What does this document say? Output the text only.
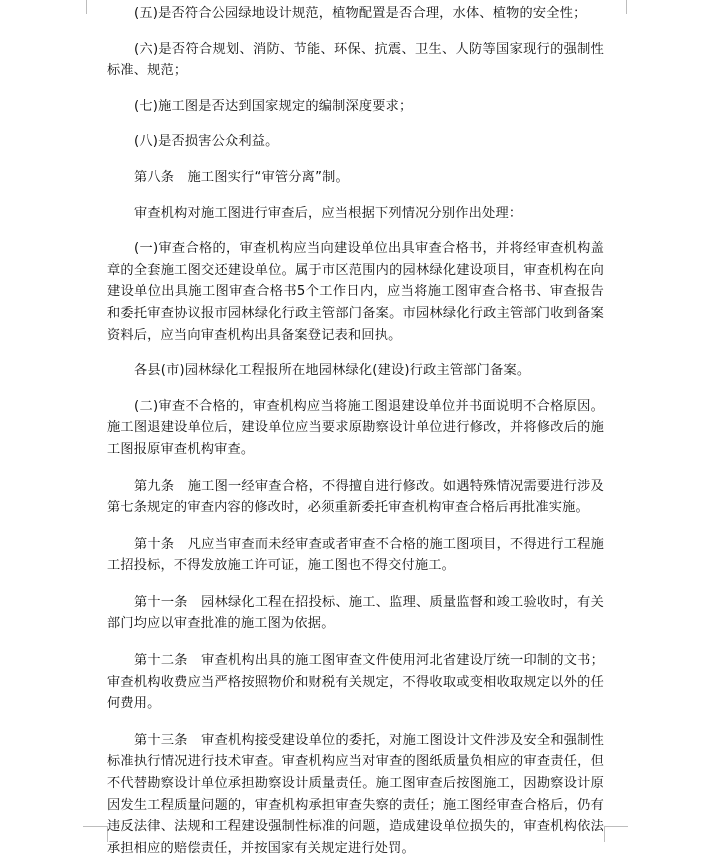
(五)是否符合公园绿地设计规范，植物配置是否合理，水体、植物的安全性；

(六)是否符合规划、消防、节能、环保、抗震、卫生、人防等国家现行的强制性标准、规范；

(七)施工图是否达到国家规定的编制深度要求；

(八)是否损害公众利益。

第八条　施工图实行“审管分离”制。

审查机构对施工图进行审查后，应当根据下列情况分别作出处理：

(一)审查合格的，审查机构应当向建设单位出具审查合格书，并将经审查机构盖章的全套施工图交还建设单位。属于市区范围内的园林绿化建设项目，审查机构在向建设单位出具施工图审查合格书5个工作日内，应当将施工图审查合格书、审查报告和委托审查协议报市园林绿化行政主管部门备案。市园林绿化行政主管部门收到备案资料后，应当向审查机构出具备案登记表和回执。

各县(市)园林绿化工程报所在地园林绿化(建设)行政主管部门备案。

(二)审查不合格的，审查机构应当将施工图退建设单位并书面说明不合格原因。施工图退建设单位后，建设单位应当要求原勘察设计单位进行修改，并将修改后的施工图报原审查机构审查。

第九条　施工图一经审查合格，不得擅自进行修改。如遇特殊情况需要进行涉及第七条规定的审查内容的修改时，必须重新委托审查机构审查合格后再批准实施。

第十条　凡应当审查而未经审查或者审查不合格的施工图项目，不得进行工程施工招投标，不得发放施工许可证，施工图也不得交付施工。

第十一条　园林绿化工程在招投标、施工、监理、质量监督和竣工验收时，有关部门均应以审查批准的施工图为依据。

第十二条　审查机构出具的施工图审查文件使用河北省建设厅统一印制的文书；审查机构收费应当严格按照物价和财税有关规定，不得收取或变相收取规定以外的任何费用。

第十三条　审查机构接受建设单位的委托，对施工图设计文件涉及安全和强制性标准执行情况进行技术审查。审查机构应当对审查的图纸质量负相应的审查责任，但不代替勘察设计单位承担勘察设计质量责任。施工图审查后按图施工，因勘察设计原因发生工程质量问题的，审查机构承担审查失察的责任；施工图经审查合格后，仍有违反法律、法规和工程建设强制性标准的问题，造成建设单位损失的，审查机构依法承担相应的赔偿责任，并按国家有关规定进行处罚。
